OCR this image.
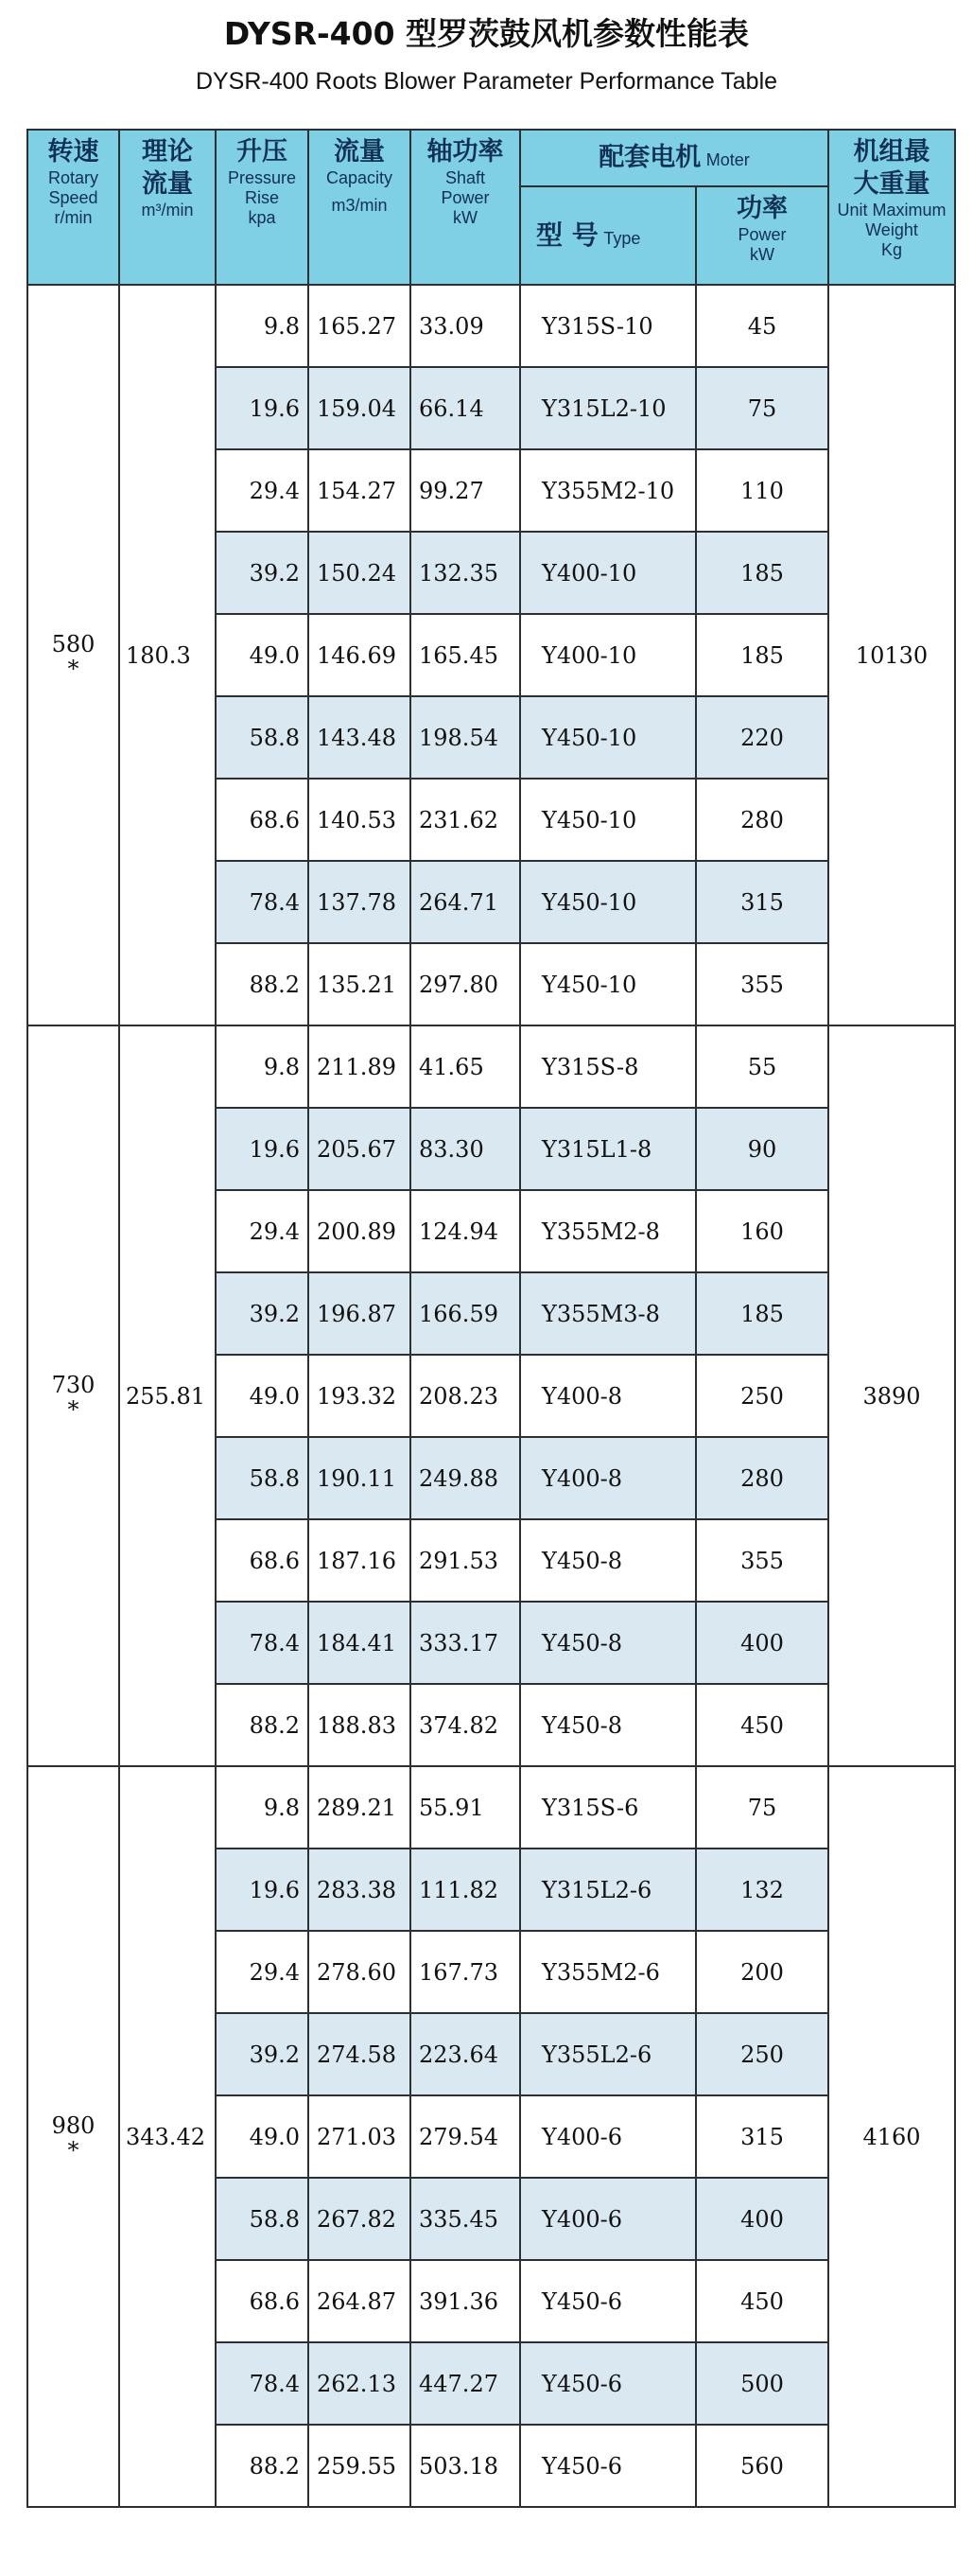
DYSR-400 型罗茨鼓风机参数性能表
DYSR-400 Roots Blower Parameter Performance Table
转速
Rotary
Speed
r/min	理论
流量
m³/min	升压
Pressure
Rise
kpa	流量
Capacity
m3/min	轴功率
Shaft
Power
kW	配套电机 Moter		机组最
大重量
Unit Maximum
Weight
Kg

					型 号 Type	功率
Power
kW	

580
*	180.3	9.8	165.27	33.09	Y315S-10	45	10130
		19.6	159.04	66.14	Y315L2-10	75	
		29.4	154.27	99.27	Y355M2-10	110	
		39.2	150.24	132.35	Y400-10	185	
		49.0	146.69	165.45	Y400-10	185	
		58.8	143.48	198.54	Y450-10	220	
		68.6	140.53	231.62	Y450-10	280	
		78.4	137.78	264.71	Y450-10	315	
		88.2	135.21	297.80	Y450-10	355	
730
*	255.81	9.8	211.89	41.65	Y315S-8	55	3890
		19.6	205.67	83.30	Y315L1-8	90	
		29.4	200.89	124.94	Y355M2-8	160	
		39.2	196.87	166.59	Y355M3-8	185	
		49.0	193.32	208.23	Y400-8	250	
		58.8	190.11	249.88	Y400-8	280	
		68.6	187.16	291.53	Y450-8	355	
		78.4	184.41	333.17	Y450-8	400	
		88.2	188.83	374.82	Y450-8	450	
980
*	343.42	9.8	289.21	55.91	Y315S-6	75	4160
		19.6	283.38	111.82	Y315L2-6	132	
		29.4	278.60	167.73	Y355M2-6	200	
		39.2	274.58	223.64	Y355L2-6	250	
		49.0	271.03	279.54	Y400-6	315	
		58.8	267.82	335.45	Y400-6	400	
		68.6	264.87	391.36	Y450-6	450	
		78.4	262.13	447.27	Y450-6	500	
		88.2	259.55	503.18	Y450-6	560	
